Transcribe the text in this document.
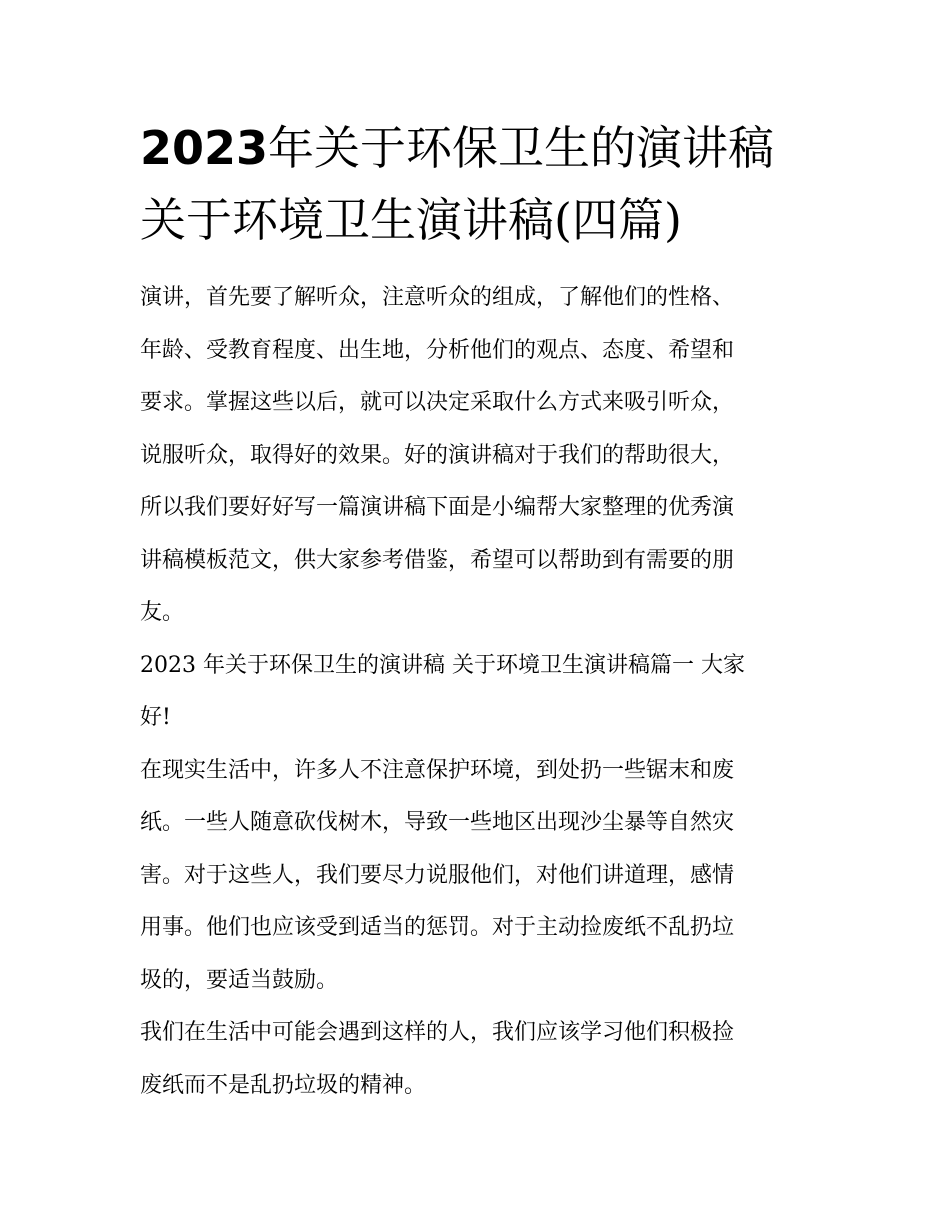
2023年关于环保卫生的演讲稿
关于环境卫生演讲稿(四篇)

演讲，首先要了解听众，注意听众的组成，了解他们的性格、
年龄、受教育程度、出生地，分析他们的观点、态度、希望和
要求。掌握这些以后，就可以决定采取什么方式来吸引听众，
说服听众，取得好的效果。好的演讲稿对于我们的帮助很大，
所以我们要好好写一篇演讲稿下面是小编帮大家整理的优秀演
讲稿模板范文，供大家参考借鉴，希望可以帮助到有需要的朋
友。

2023 年关于环保卫生的演讲稿 关于环境卫生演讲稿篇一 大家
好!

在现实生活中，许多人不注意保护环境，到处扔一些锯末和废
纸。一些人随意砍伐树木，导致一些地区出现沙尘暴等自然灾
害。对于这些人，我们要尽力说服他们，对他们讲道理，感情
用事。他们也应该受到适当的惩罚。对于主动捡废纸不乱扔垃
圾的，要适当鼓励。

我们在生活中可能会遇到这样的人，我们应该学习他们积极捡
废纸而不是乱扔垃圾的精神。
